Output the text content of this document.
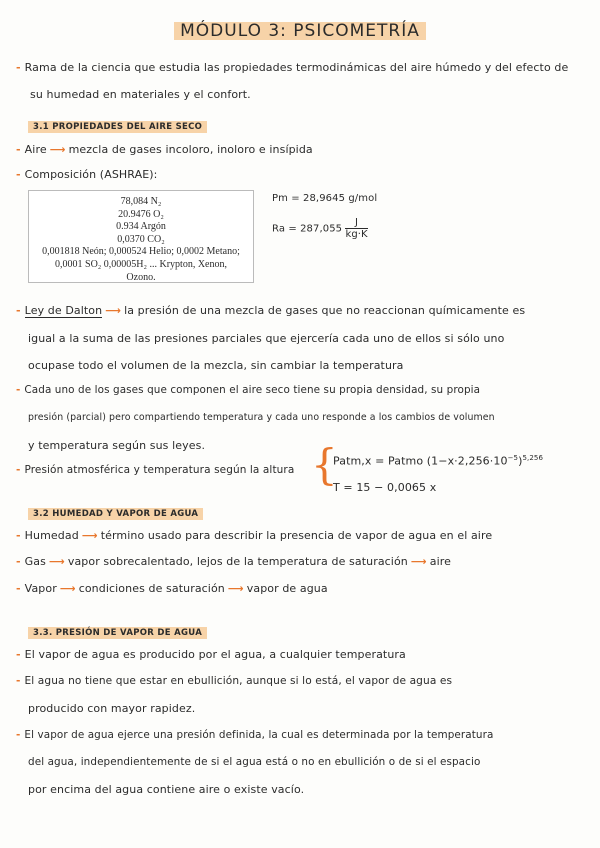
MÓDULO 3: PSICOMETRÍA
- Rama de la ciencia que estudia las propiedades termodinámicas del aire húmedo y del efecto de
su humedad en materiales y el confort.
3.1 PROPIEDADES DEL AIRE SECO
- Aire ⟶ mezcla de gases incoloro, inoloro e insípida
- Composición (ASHRAE):
78,084 N₂
20.9476 O₂
0.934 Argón
0,0370 CO₂
0,001818 Neón; 0,000524 Helio; 0,0002 Metano;
0,0001 SO₂ 0,00005H₂ ... Krypton, Xenon,
Ozono.
Pm = 28,9645 g/mol
$Ra = 287,055 \frac{J}{kg\cdot K}$
- Ley de Dalton ⟶ la presión de una mezcla de gases que no reaccionan químicamente es
igual a la suma de las presiones parciales que ejercería cada uno de ellos si sólo uno
ocupase todo el volumen de la mezcla, sin cambiar la temperatura
- Cada uno de los gases que componen el aire seco tiene su propia densidad, su propia
presión (parcial) pero compartiendo temperatura y cada uno responde a los cambios de volumen
y temperatura según sus leyes.
- Presión atmosférica y temperatura según la altura {
Patm,x = Patmo $(1-x\cdot 2,256\cdot 10^{-5})^{5,256}$
T = 15 − 0,0065 x
3.2 HUMEDAD Y VAPOR DE AGUA
- Humedad ⟶ término usado para describir la presencia de vapor de agua en el aire
- Gas ⟶ vapor sobrecalentado, lejos de la temperatura de saturación ⟶ aire
- Vapor ⟶ condiciones de saturación ⟶ vapor de agua
3.3. PRESIÓN DE VAPOR DE AGUA
- El vapor de agua es producido por el agua, a cualquier temperatura
- El agua no tiene que estar en ebullición, aunque si lo está, el vapor de agua es
producido con mayor rapidez.
- El vapor de agua ejerce una presión definida, la cual es determinada por la temperatura
del agua, independientemente de si el agua está o no en ebullición o de si el espacio
por encima del agua contiene aire o existe vacío.
